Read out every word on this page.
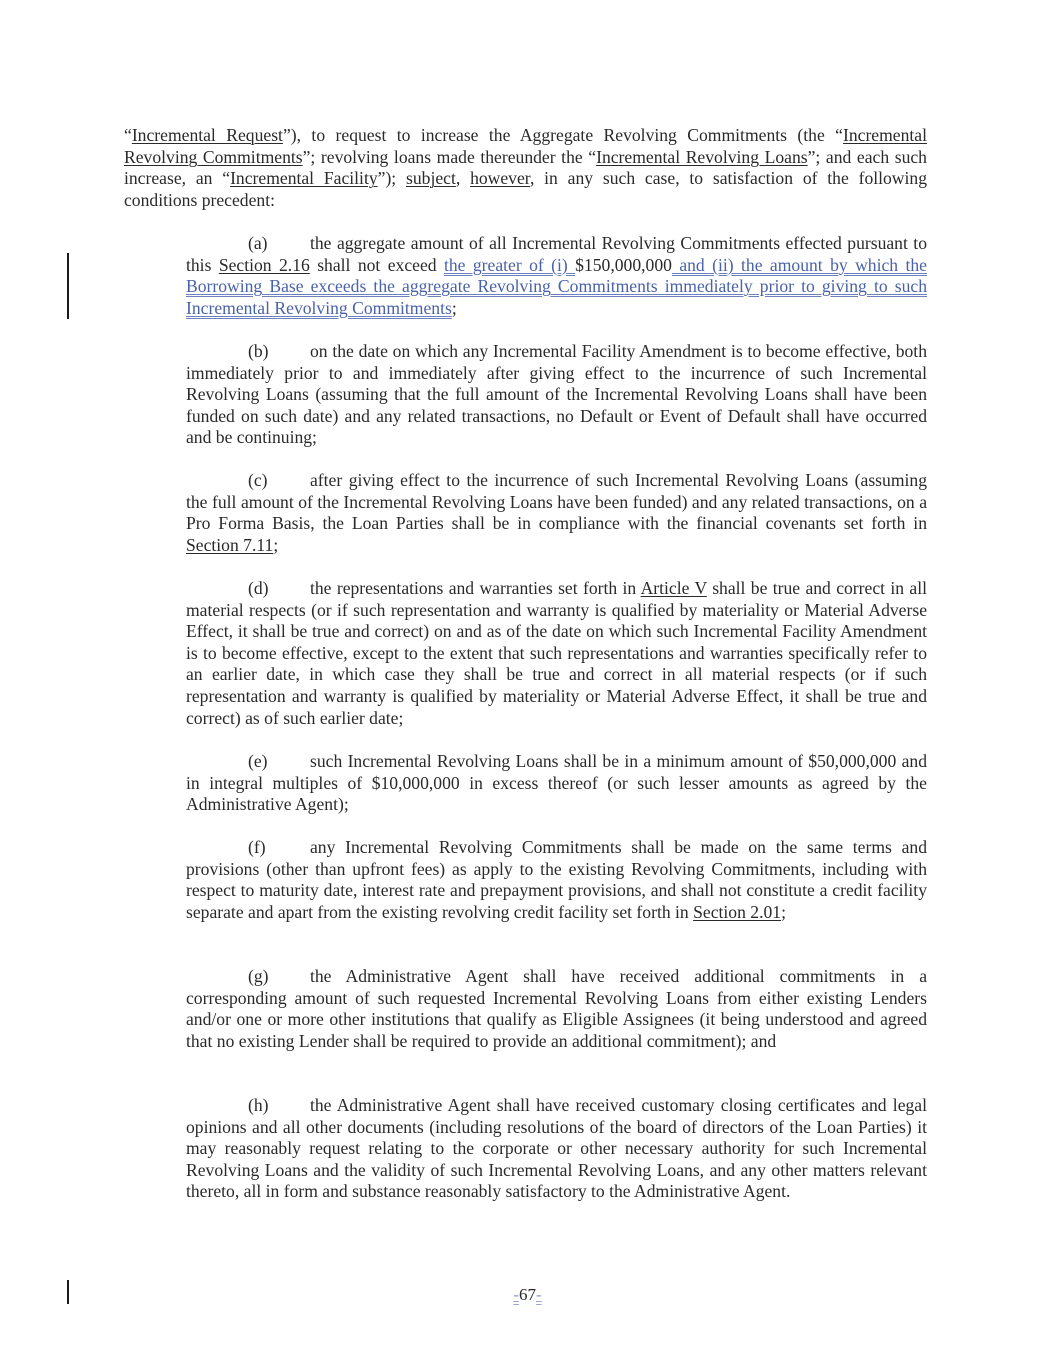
“Incremental Request”), to request to increase the Aggregate Revolving Commitments (the “Incremental Revolving Commitments”; revolving loans made thereunder the “Incremental Revolving Loans”; and each such increase, an “Incremental Facility”); subject, however, in any such case, to satisfaction of the following conditions precedent:
(a) the aggregate amount of all Incremental Revolving Commitments effected pursuant to this Section 2.16 shall not exceed the greater of (i) $150,000,000 and (ii) the amount by which the Borrowing Base exceeds the aggregate Revolving Commitments immediately prior to giving to such Incremental Revolving Commitments;
(b) on the date on which any Incremental Facility Amendment is to become effective, both immediately prior to and immediately after giving effect to the incurrence of such Incremental Revolving Loans (assuming that the full amount of the Incremental Revolving Loans shall have been funded on such date) and any related transactions, no Default or Event of Default shall have occurred and be continuing;
(c) after giving effect to the incurrence of such Incremental Revolving Loans (assuming the full amount of the Incremental Revolving Loans have been funded) and any related transactions, on a Pro Forma Basis, the Loan Parties shall be in compliance with the financial covenants set forth in Section 7.11;
(d) the representations and warranties set forth in Article V shall be true and correct in all material respects (or if such representation and warranty is qualified by materiality or Material Adverse Effect, it shall be true and correct) on and as of the date on which such Incremental Facility Amendment is to become effective, except to the extent that such representations and warranties specifically refer to an earlier date, in which case they shall be true and correct in all material respects (or if such representation and warranty is qualified by materiality or Material Adverse Effect, it shall be true and correct) as of such earlier date;
(e) such Incremental Revolving Loans shall be in a minimum amount of $50,000,000 and in integral multiples of $10,000,000 in excess thereof (or such lesser amounts as agreed by the Administrative Agent);
(f)	any Incremental Revolving Commitments shall be made on the same terms and provisions (other than upfront fees) as apply to the existing Revolving Commitments, including with respect to maturity date, interest rate and prepayment provisions, and shall not constitute a credit facility separate and apart from the existing revolving credit facility set forth in Section 2.01;
(g) the Administrative Agent shall have received additional commitments in a corresponding amount of such requested Incremental Revolving Loans from either existing Lenders and/or one or more other institutions that qualify as Eligible Assignees (it being understood and agreed that no existing Lender shall be required to provide an additional commitment); and
(h) the Administrative Agent shall have received customary closing certificates and legal opinions and all other documents (including resolutions of the board of directors of the Loan Parties) it may reasonably request relating to the corporate or other necessary authority for such Incremental Revolving Loans and the validity of such Incremental Revolving Loans, and any other matters relevant thereto, all in form and substance reasonably satisfactory to the Administrative Agent.
-67-
